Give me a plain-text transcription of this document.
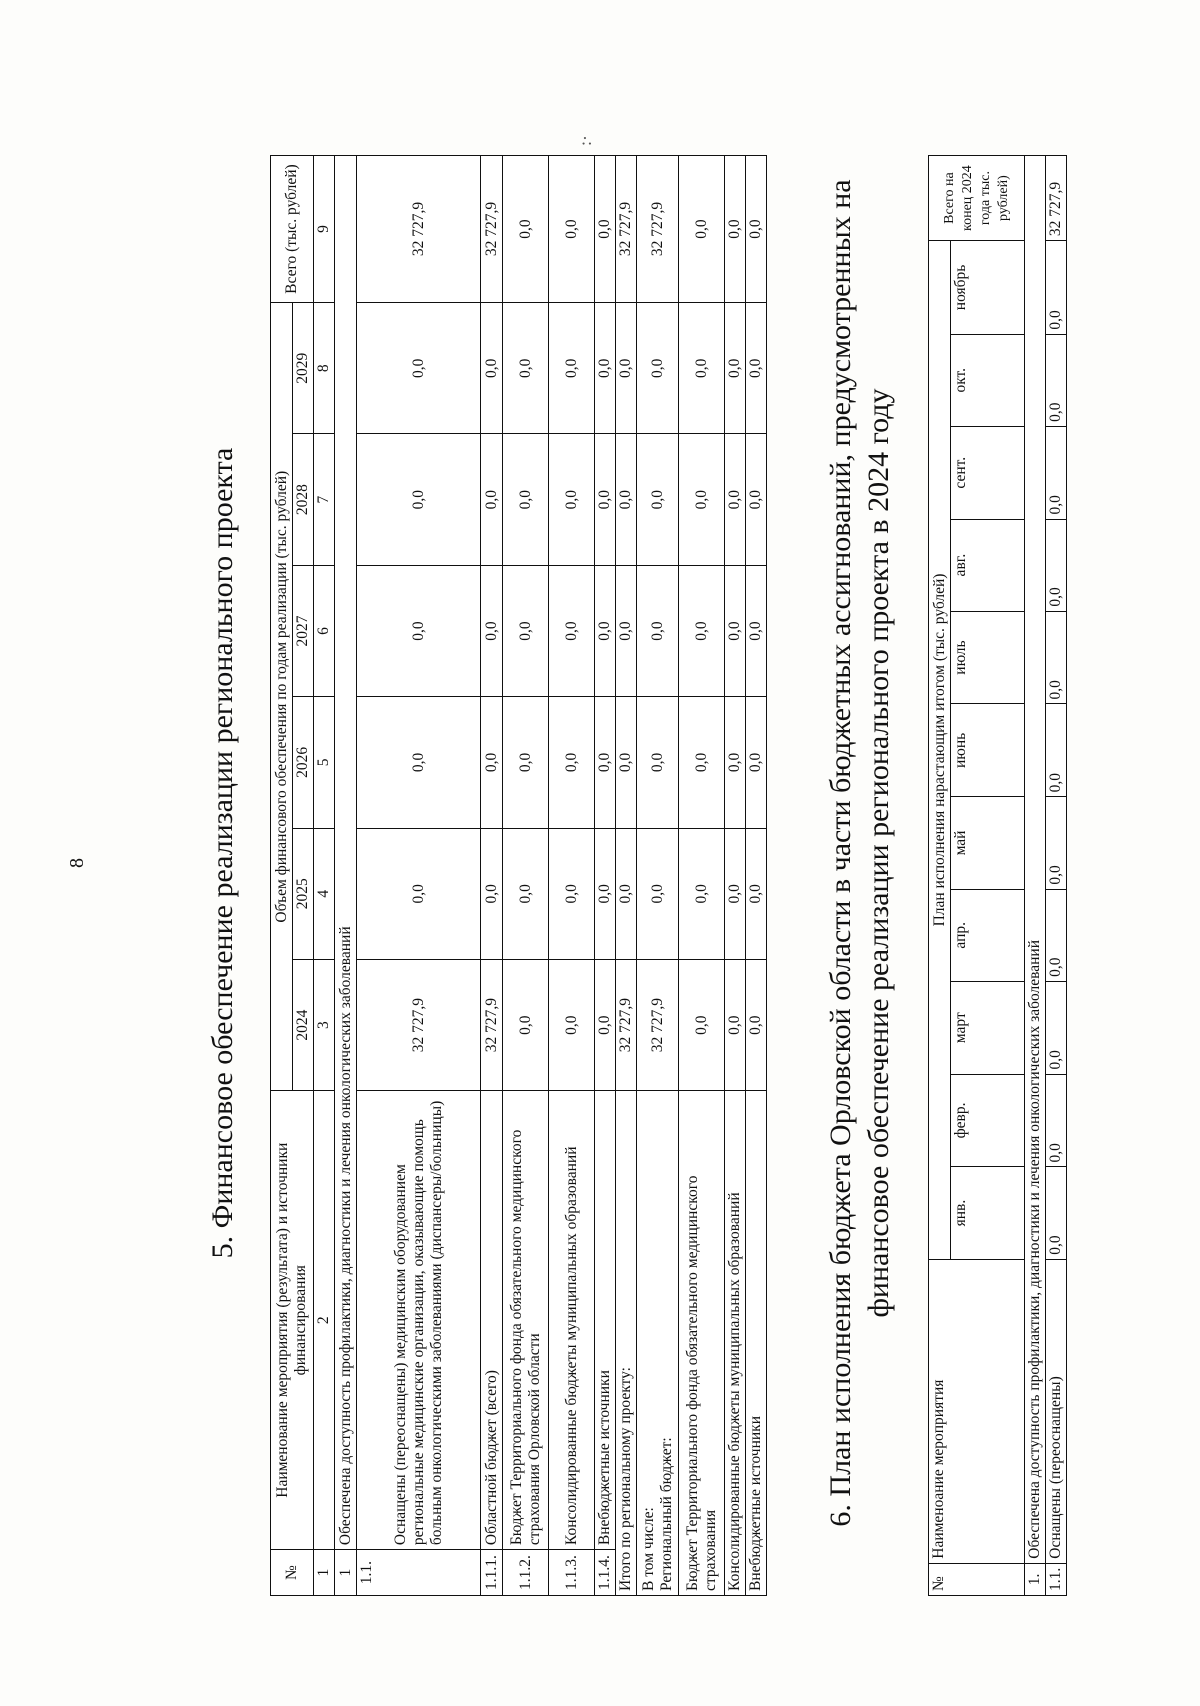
8	5. Финансовое обеспечение реализации регионального проекта
№	Наименование мероприятия (результата) и источники финансирования	Объем финансового обеспечения по годам реализации (тыс. рублей)						Всего (тыс. рублей)
		2024	2025	2026	2027	2028	2029	
1	2	3	4	5	6	7	8	9
1	Обеспечена доступность профилактики, диагностики и лечения онкологических заболеваний							
1.1.	Оснащены (переоснащены) медицинским оборудованием региональные медицинские организации, оказывающие помощь больным онкологическими заболеваниями (диспансеры/больницы)	32 727,9	0,0	0,0	0,0	0,0	0,0	32 727,9
1.1.1.	Областной бюджет (всего)	32 727,9	0,0	0,0	0,0	0,0	0,0	32 727,9
1.1.2.	Бюджет Территориального фонда обязательного медицинского страхования Орловской области	0,0	0,0	0,0	0,0	0,0	0,0	0,0
1.1.3.	Консолидированные бюджеты муниципальных образований	0,0	0,0	0,0	0,0	0,0	0,0	0,0
1.1.4.	Внебюджетные источники	0,0	0,0	0,0	0,0	0,0	0,0	0,0
Итого по региональному проекту:		32 727,9	0,0	0,0	0,0	0,0	0,0	32 727,9

В том числе: Региональный бюджет:		32 727,9	0,0	0,0	0,0	0,0	0,0	32 727,9
Бюджет Территориального фонда обязательного медицинского страхования		0,0	0,0	0,0	0,0	0,0	0,0	0,0
Консолидированные бюджеты муниципальных образований		0,0	0,0	0,0	0,0	0,0	0,0	0,0
Внебюджетные источники		0,0	0,0	0,0	0,0	0,0	0,0	0,0 6. План исполнения бюджета Орловской области в части бюджетных ассигнований, предусмотренных на финансовое обеспечение реализации регионального проекта в 2024 году
№	Наименоание мероприятия	План исполнения нарастающим итогом (тыс. рублей)											Всего на конец 2024 года тыс. рублей)
		янв.	февр.	март	апр.	май	июнь	июль	авг.	сент.	окт.	ноябрь	
1.	Обеспечена доступность профилактики, диагностики и лечения онкологических заболеваний												
1.1.	Оснащены (переоснащены)	0,0	0,0	0,0	0,0	0,0	0,0	0,0	0,0	0,0	0,0	0,0	32 727,9
:·
